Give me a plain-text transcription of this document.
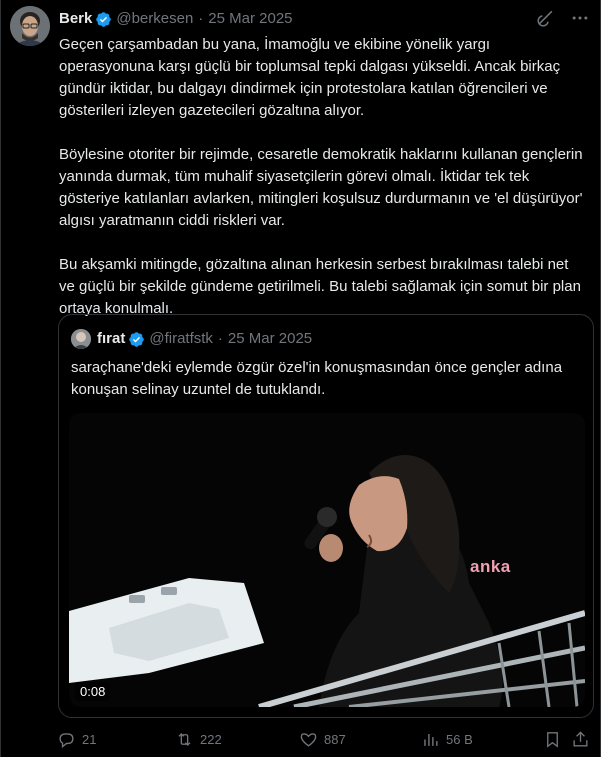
Berk @berkesen · 25 Mar 2025

Geçen çarşambadan bu yana, İmamoğlu ve ekibine yönelik yargı operasyonuna karşı güçlü bir toplumsal tepki dalgası yükseldi. Ancak birkaç gündür iktidar, bu dalgayı dindirmek için protestolara katılan öğrencileri ve gösterileri izleyen gazetecileri gözaltına alıyor.

Böylesine otoriter bir rejimde, cesaretle demokratik haklarını kullanan gençlerin yanında durmak, tüm muhalif siyasetçilerin görevi olmalı. İktidar tek tek gösteriye katılanları avlarken, mitingleri koşulsuz durdurmanın ve 'el düşürüyor' algısı yaratmanın ciddi riskleri var.

Bu akşamki mitingde, gözaltına alınan herkesin serbest bırakılması talebi net ve güçlü bir şekilde gündeme getirilmeli. Bu talebi sağlamak için somut bir plan ortaya konulmalı.

fırat @firatfstk · 25 Mar 2025
saraçhane'deki eylemde özgür özel'in konuşmasından önce gençler adına konuşan selinay uzuntel de tutuklandı.
anka
0:08
21	222	887	56 B
